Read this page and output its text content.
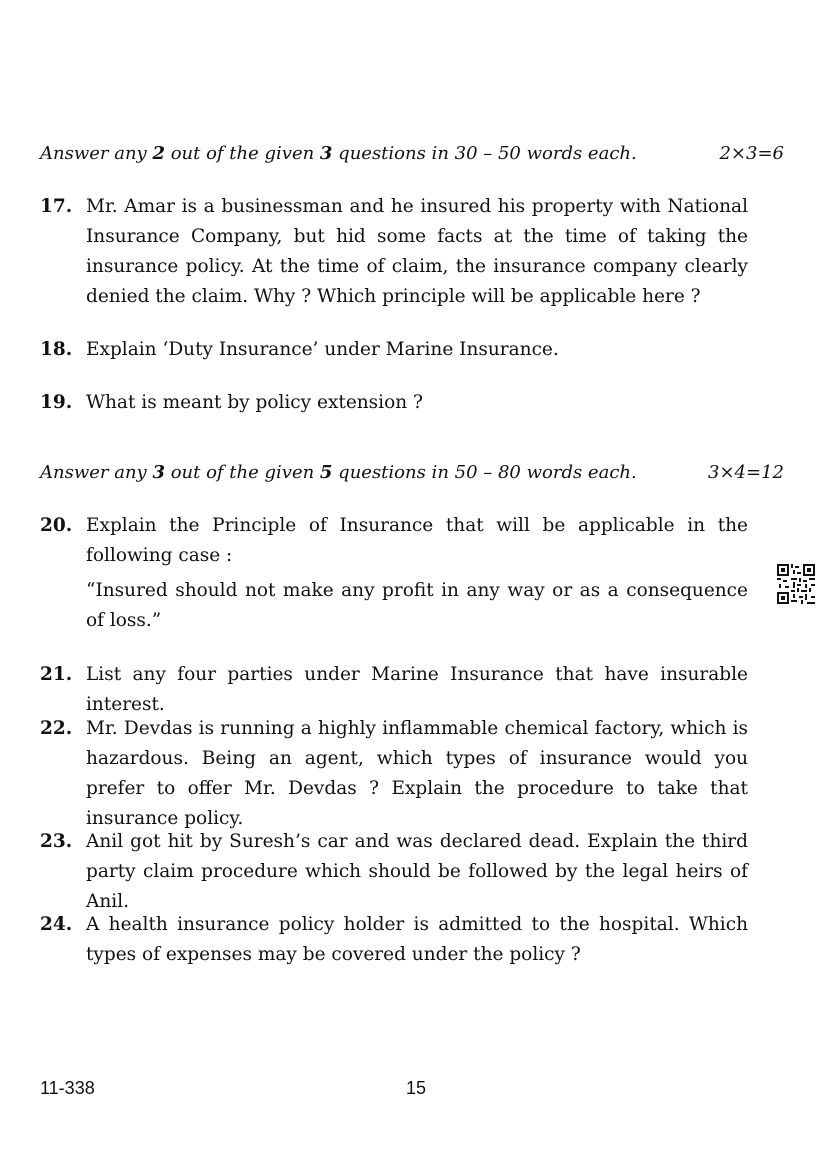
Answer any 2 out of the given 3 questions in 30 – 50 words each.	2×3=6
17. Mr. Amar is a businessman and he insured his property with National Insurance Company, but hid some facts at the time of taking the insurance policy. At the time of claim, the insurance company clearly denied the claim. Why ? Which principle will be applicable here ?
18. Explain ‘Duty Insurance’ under Marine Insurance.
19. What is meant by policy extension ?
Answer any 3 out of the given 5 questions in 50 – 80 words each.	3×4=12
20. Explain the Principle of Insurance that will be applicable in the following case :
“Insured should not make any profit in any way or as a consequence of loss.”
21. List any four parties under Marine Insurance that have insurable interest.
22. Mr. Devdas is running a highly inflammable chemical factory, which is hazardous. Being an agent, which types of insurance would you prefer to offer Mr. Devdas ? Explain the procedure to take that insurance policy.
23. Anil got hit by Suresh’s car and was declared dead. Explain the third party claim procedure which should be followed by the legal heirs of Anil.
24. A health insurance policy holder is admitted to the hospital. Which types of expenses may be covered under the policy ?
11-338	15
